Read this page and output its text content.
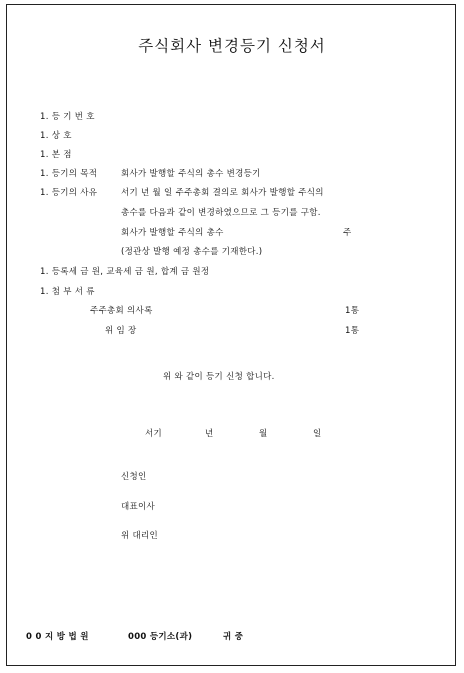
주식회사 변경등기 신청서
1. 등 기 번 호
1. 상 호
1. 본 점
1. 등기의 목적	회사가 발행할 주식의 총수 변경등기
1. 등기의 사유	서기 년 월 일 주주총회 결의로 회사가 발행할 주식의
총수를 다음과 같이 변경하였으므로 그 등기를 구함.
회사가 발행할 주식의 총수	주
(정관상 발행 예정 총수를 기재한다.)
1. 등록세 금 원, 교육세 금 원, 합계 금 원정
1. 첨 부 서 류
주주총회 의사록	1통
위 임 장	1통
위 와 같이 등기 신청 합니다.
서기	년	월	일
신청인
대표이사
위 대리인
0 0 지 방 법 원	000 등기소(과)	귀 중
